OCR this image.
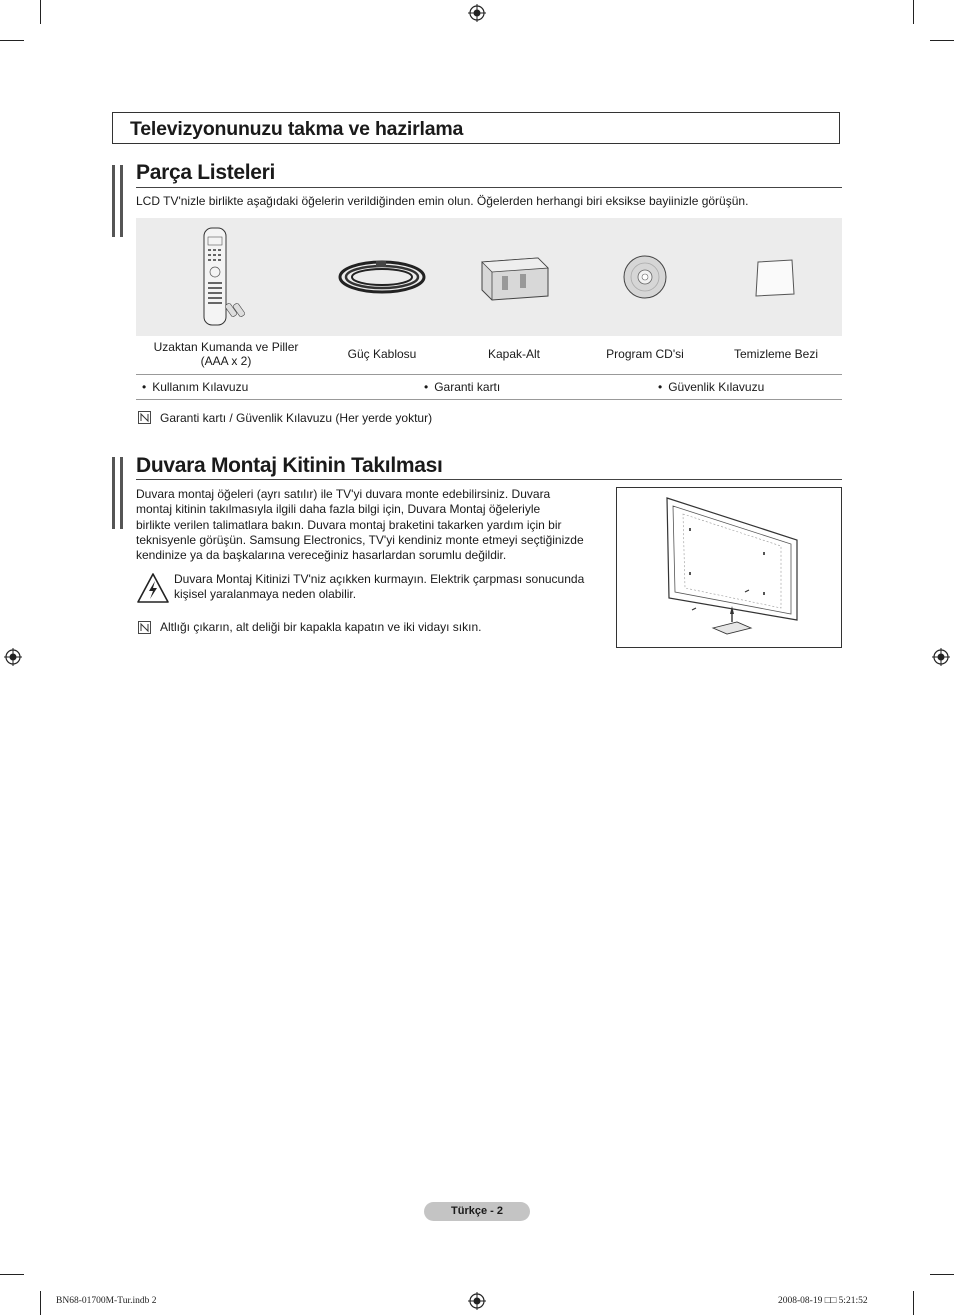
Televizyonunuzu takma ve hazirlama
Parça Listeleri
LCD TV'nizle birlikte aşağıdaki öğelerin verildiğinden emin olun. Öğelerden herhangi biri eksikse bayiinizle görüşün.
Uzaktan Kumanda ve Piller
(AAA x 2)	Güç Kablosu	Kapak-Alt	Program CD'si	Temizleme Bezi
• Kullanım Kılavuzu	• Garanti kartı	• Güvenlik Kılavuzu
Garanti kartı / Güvenlik Kılavuzu (Her yerde yoktur)
Duvara Montaj Kitinin Takılması
Duvara montaj öğeleri (ayrı satılır) ile TV'yi duvara monte edebilirsiniz. Duvara
montaj kitinin takılmasıyla ilgili daha fazla bilgi için, Duvara Montaj öğeleriyle
birlikte verilen talimatlara bakın. Duvara montaj braketini takarken yardım için bir
teknisyenle görüşün. Samsung Electronics, TV'yi kendiniz monte etmeyi seçtiğinizde
kendinize ya da başkalarına vereceğiniz hasarlardan sorumlu değildir.
Duvara Montaj Kitinizi TV'niz açıkken kurmayın. Elektrik çarpması sonucunda
kişisel yaralanmaya neden olabilir.
Altlığı çıkarın, alt deliği bir kapakla kapatın ve iki vidayı sıkın.
Türkçe - 2
BN68-01700M-Tur.indb 2	2008-08-19 □□ 5:21:52
